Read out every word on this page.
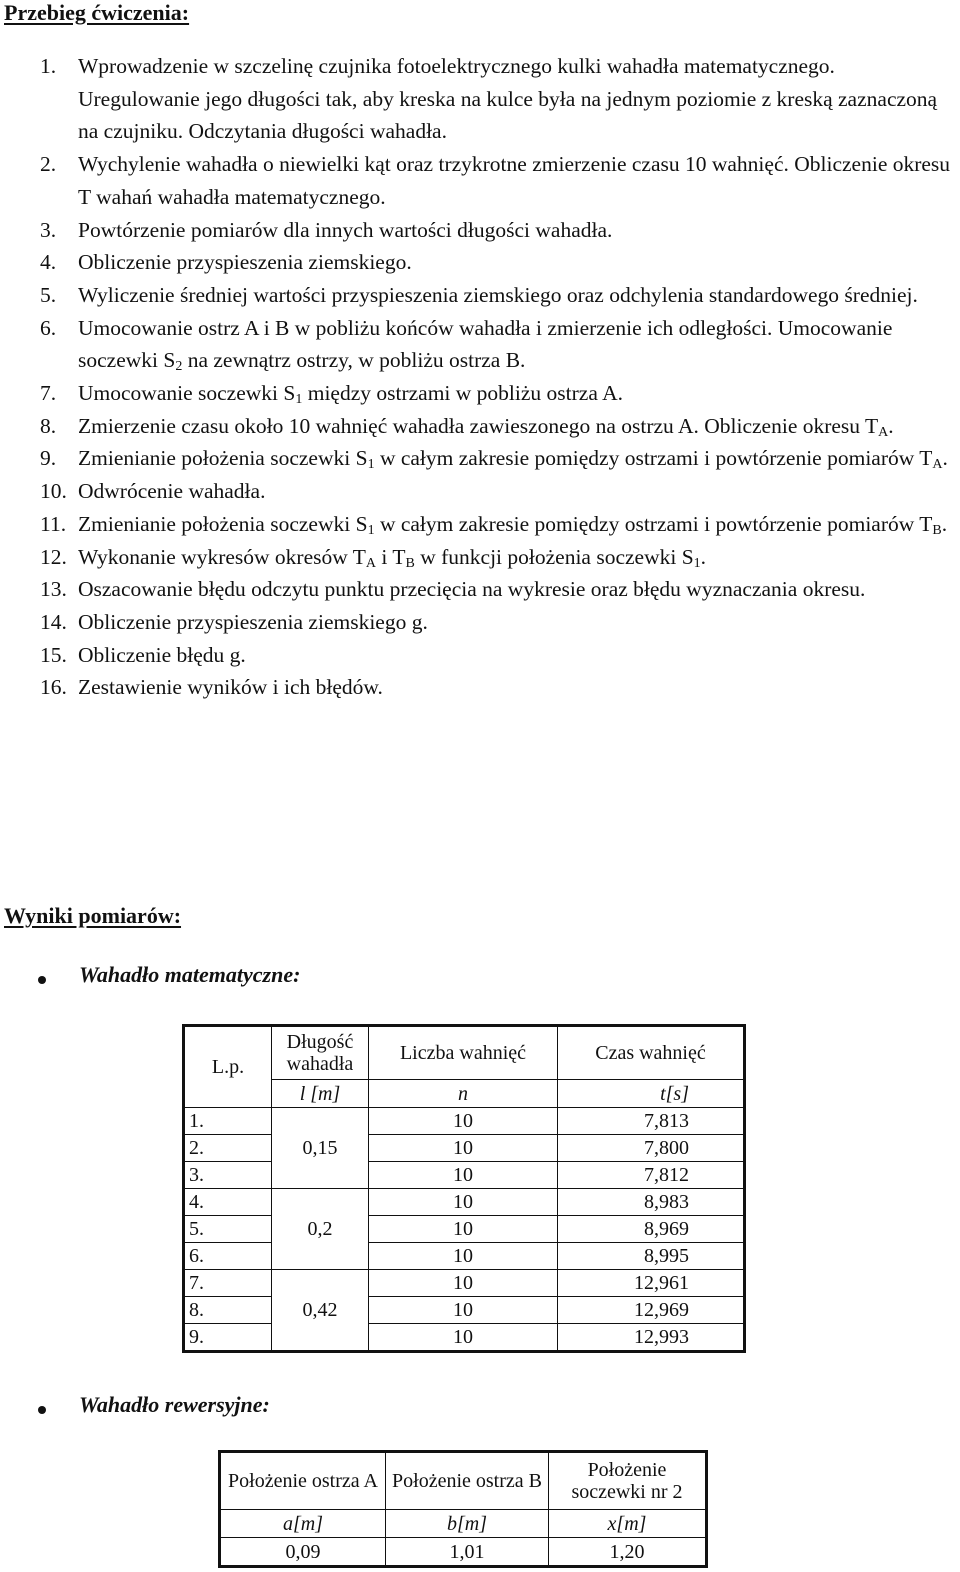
Przebieg ćwiczenia:
1. Wprowadzenie w szczelinę czujnika fotoelektrycznego kulki wahadła matematycznego. Uregulowanie jego długości tak, aby kreska na kulce była na jednym poziomie z kreską zaznaczoną na czujniku. Odczytania długości wahadła.
2. Wychylenie wahadła o niewielki kąt oraz trzykrotne zmierzenie czasu 10 wahnięć. Obliczenie okresu T wahań wahadła matematycznego.
3. Powtórzenie pomiarów dla innych wartości długości wahadła.
4. Obliczenie przyspieszenia ziemskiego.
5. Wyliczenie średniej wartości przyspieszenia ziemskiego oraz odchylenia standardowego średniej.
6. Umocowanie ostrz A i B w pobliżu końców wahadła i zmierzenie ich odległości. Umocowanie soczewki $S_2$ na zewnątrz ostrzy, w pobliżu ostrza B.
7. Umocowanie soczewki $S_1$ między ostrzami w pobliżu ostrza A.
8. Zmierzenie czasu około 10 wahnięć wahadła zawieszonego na ostrzu A. Obliczenie okresu $T_A$.
9. Zmienianie położenia soczewki $S_1$ w całym zakresie pomiędzy ostrzami i powtórzenie pomiarów $T_A$.
10. Odwrócenie wahadła.
11. Zmienianie położenia soczewki $S_1$ w całym zakresie pomiędzy ostrzami i powtórzenie pomiarów $T_B$.
12. Wykonanie wykresów okresów $T_A$ i $T_B$ w funkcji położenia soczewki $S_1$.
13. Oszacowanie błędu odczytu punktu przecięcia na wykresie oraz błędu wyznaczania okresu.
14. Obliczenie przyspieszenia ziemskiego g.
15. Obliczenie błędu g.
16. Zestawienie wyników i ich błędów.
Wyniki pomiarów:
Wahadło matematyczne:
L.p.	Długość wahadła	Liczba wahnięć	Czas wahnięć
	l [m]	n	t[s]
1.	0,15	10	7,813
2.		10	7,800
3.		10	7,812
4.	0,2	10	8,983
5.		10	8,969
6.		10	8,995
7.	0,42	10	12,961
8.		10	12,969
9.		10	12,993
Wahadło rewersyjne:
Położenie ostrza A	Położenie ostrza B	Położenie soczewki nr 2
a[m]	b[m]	x[m]
0,09	1,01	1,20
